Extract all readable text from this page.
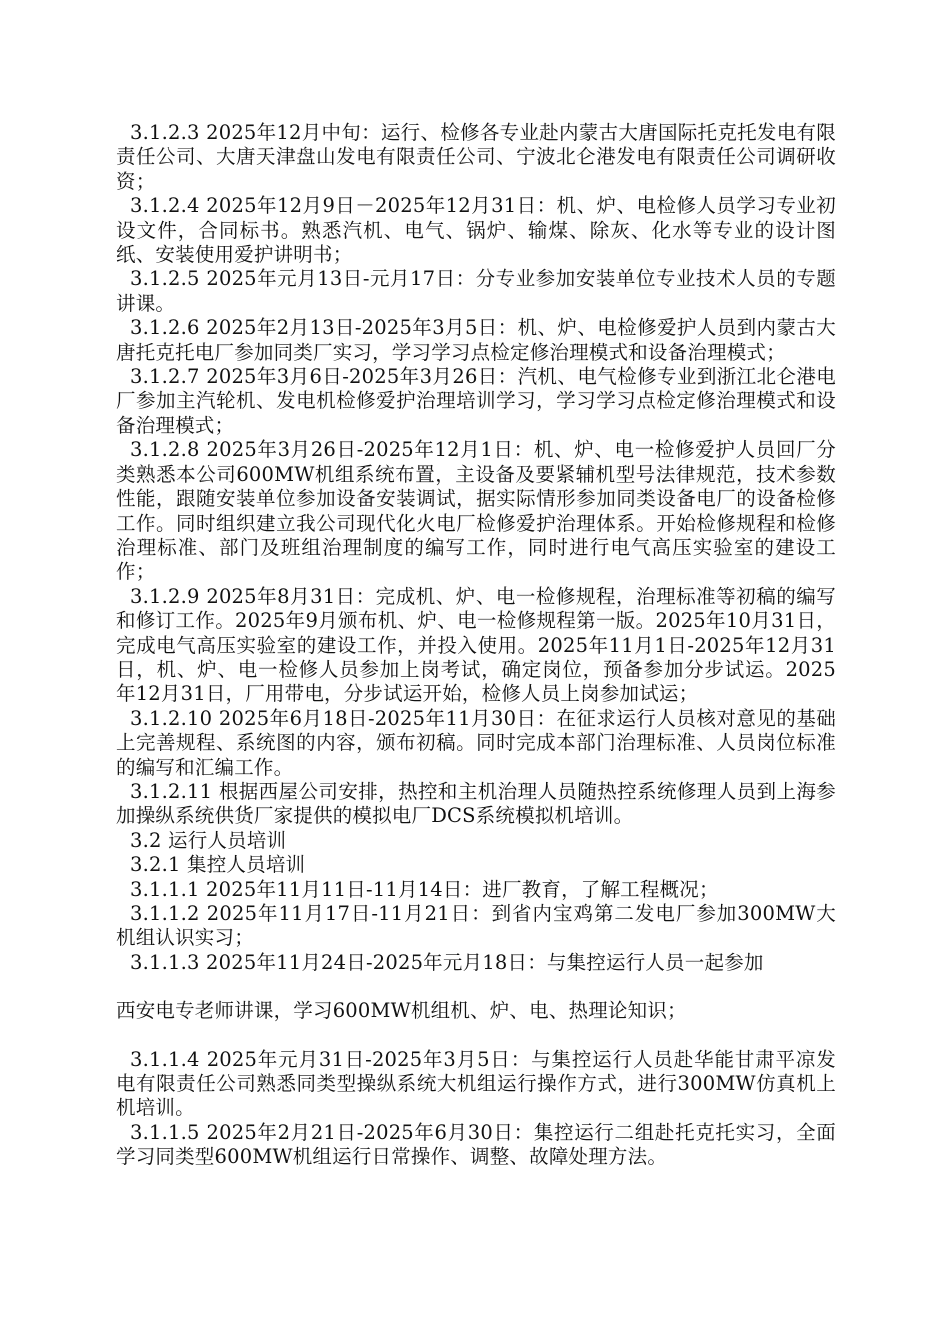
3.1.2.3 2025年12月中旬：运行、检修各专业赴内蒙古大唐国际托克托发电有限责任公司、大唐天津盘山发电有限责任公司、宁波北仑港发电有限责任公司调研收资；

3.1.2.4 2025年12月9日－2025年12月31日：机、炉、电检修人员学习专业初设文件，合同标书。熟悉汽机、电气、锅炉、输煤、除灰、化水等专业的设计图纸、安装使用爱护讲明书；

3.1.2.5 2025年元月13日-元月17日：分专业参加安装单位专业技术人员的专题讲课。

3.1.2.6 2025年2月13日-2025年3月5日：机、炉、电检修爱护人员到内蒙古大唐托克托电厂参加同类厂实习，学习学习点检定修治理模式和设备治理模式；

3.1.2.7 2025年3月6日-2025年3月26日：汽机、电气检修专业到浙江北仑港电厂参加主汽轮机、发电机检修爱护治理培训学习，学习学习点检定修治理模式和设备治理模式；

3.1.2.8 2025年3月26日-2025年12月1日：机、炉、电一检修爱护人员回厂分类熟悉本公司600MW机组系统布置，主设备及要紧辅机型号法律规范，技术参数性能，跟随安装单位参加设备安装调试，据实际情形参加同类设备电厂的设备检修工作。同时组织建立我公司现代化火电厂检修爱护治理体系。开始检修规程和检修治理标准、部门及班组治理制度的编写工作，同时进行电气高压实验室的建设工作；

3.1.2.9 2025年8月31日：完成机、炉、电一检修规程，治理标准等初稿的编写和修订工作。2025年9月颁布机、炉、电一检修规程第一版。2025年10月31日，完成电气高压实验室的建设工作，并投入使用。2025年11月1日-2025年12月31日，机、炉、电一检修人员参加上岗考试，确定岗位，预备参加分步试运。2025年12月31日，厂用带电，分步试运开始，检修人员上岗参加试运；

3.1.2.10 2025年6月18日-2025年11月30日：在征求运行人员核对意见的基础上完善规程、系统图的内容，颁布初稿。同时完成本部门治理标准、人员岗位标准的编写和汇编工作。

3.1.2.11 根据西屋公司安排，热控和主机治理人员随热控系统修理人员到上海参加操纵系统供货厂家提供的模拟电厂DCS系统模拟机培训。

3.2 运行人员培训

3.2.1 集控人员培训

3.1.1.1 2025年11月11日-11月14日：进厂教育，了解工程概况；

3.1.1.2 2025年11月17日-11月21日：到省内宝鸡第二发电厂参加300MW大机组认识实习；

3.1.1.3 2025年11月24日-2025年元月18日：与集控运行人员一起参加

西安电专老师讲课，学习600MW机组机、炉、电、热理论知识；

3.1.1.4 2025年元月31日-2025年3月5日：与集控运行人员赴华能甘肃平凉发电有限责任公司熟悉同类型操纵系统大机组运行操作方式，进行300MW仿真机上机培训。

3.1.1.5 2025年2月21日-2025年6月30日：集控运行二组赴托克托实习，全面学习同类型600MW机组运行日常操作、调整、故障处理方法。
